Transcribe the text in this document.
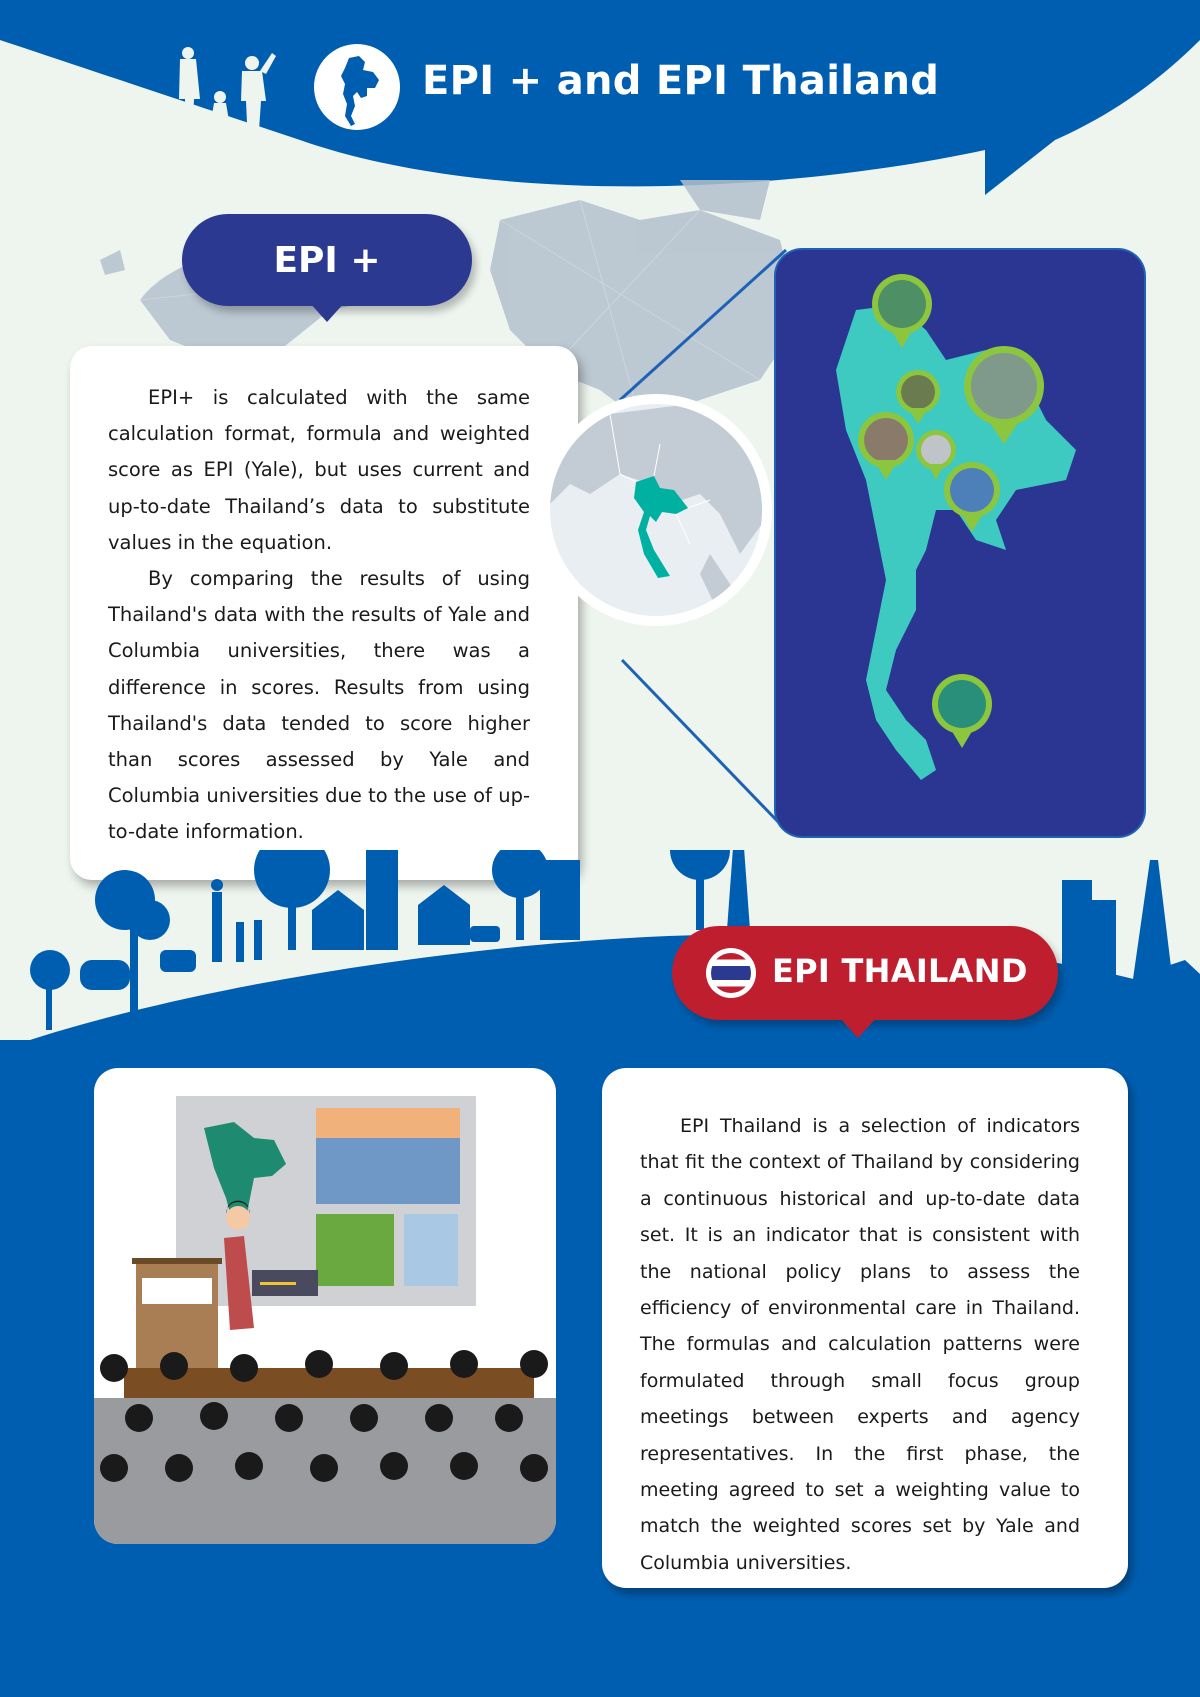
EPI + and EPI Thailand
EPI +

EPI+ is calculated with the same calculation format, formula and weighted score as EPI (Yale), but uses current and up-to-date Thailand’s data to substitute values in the equation.

By comparing the results of using Thailand's data with the results of Yale and Columbia universities, there was a difference in scores. Results from using Thailand's data tended to score higher than scores assessed by Yale and Columbia universities due to the use of up-to-date information.

EPI THAILAND

EPI Thailand is a selection of indicators that fit the context of Thailand by considering a continuous historical and up-to-date data set. It is an indicator that is consistent with the national policy plans to assess the efficiency of environmental care in Thailand. The formulas and calculation patterns were formulated through small focus group meetings between experts and agency representatives. In the first phase, the meeting agreed to set a weighting value to match the weighted scores set by Yale and Columbia universities.
